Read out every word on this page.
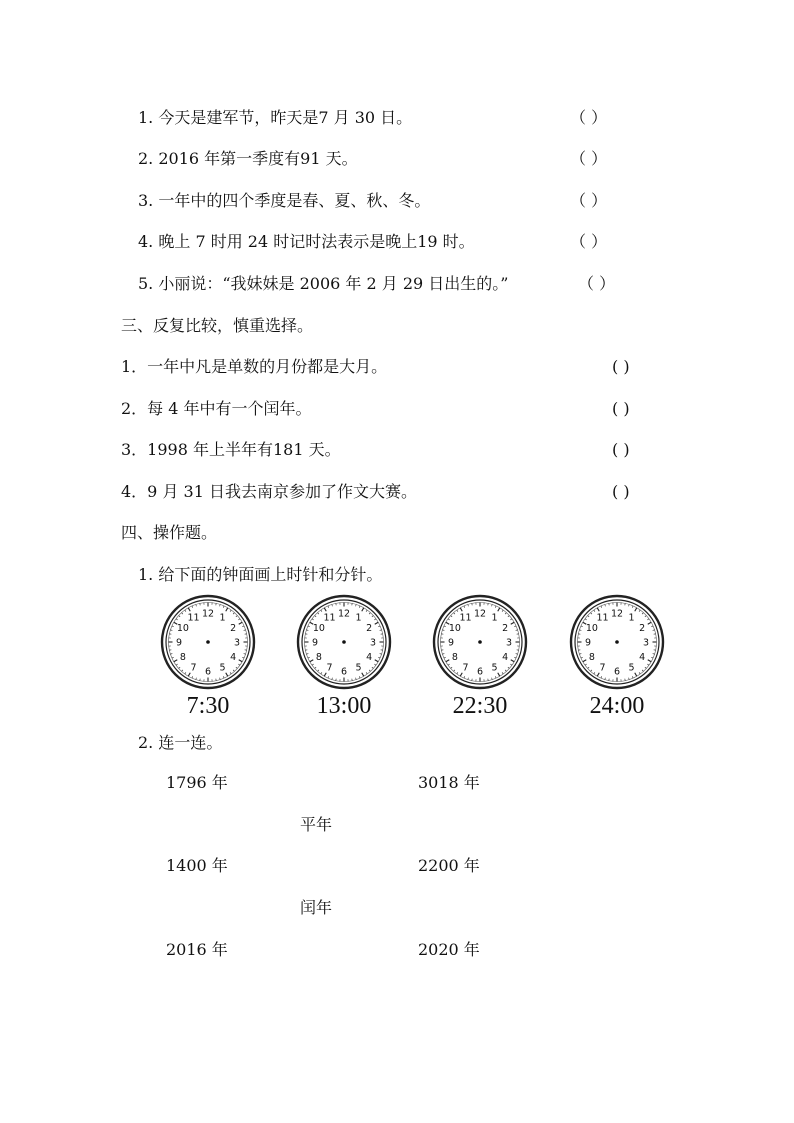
1. 今天是建军节，昨天是7 月 30 日。	（ ）
2. 2016 年第一季度有91 天。	（ ）
3. 一年中的四个季度是春、夏、秋、冬。	（ ）
4. 晚上 7 时用 24 时记时法表示是晚上19 时。	（ ）
5. 小丽说：“我妹妹是 2006 年 2 月 29 日出生的。”	（ ）
三、反复比较，慎重选择。
1．一年中凡是单数的月份都是大月。	( )
2．每 4 年中有一个闰年。	( )
3．1998 年上半年有181 天。	( )
4．9 月 31 日我去南京参加了作文大赛。	( )
四、操作题。
1. 给下面的钟面画上时针和分针。
1
2
3
4
5
6
7
8
9
10
11 12	1
2
3
4
5
6
7
8
9
10
11 12	1
2
3
4
5
6
7
8
9
10
11 12	1
2
3
4
5
6
7
8
9
10
11 12
7:30	13:00	22:30	24:00
2. 连一连。
1796 年	3018 年
平年
1400 年	2200 年
闰年
2016 年	2020 年
